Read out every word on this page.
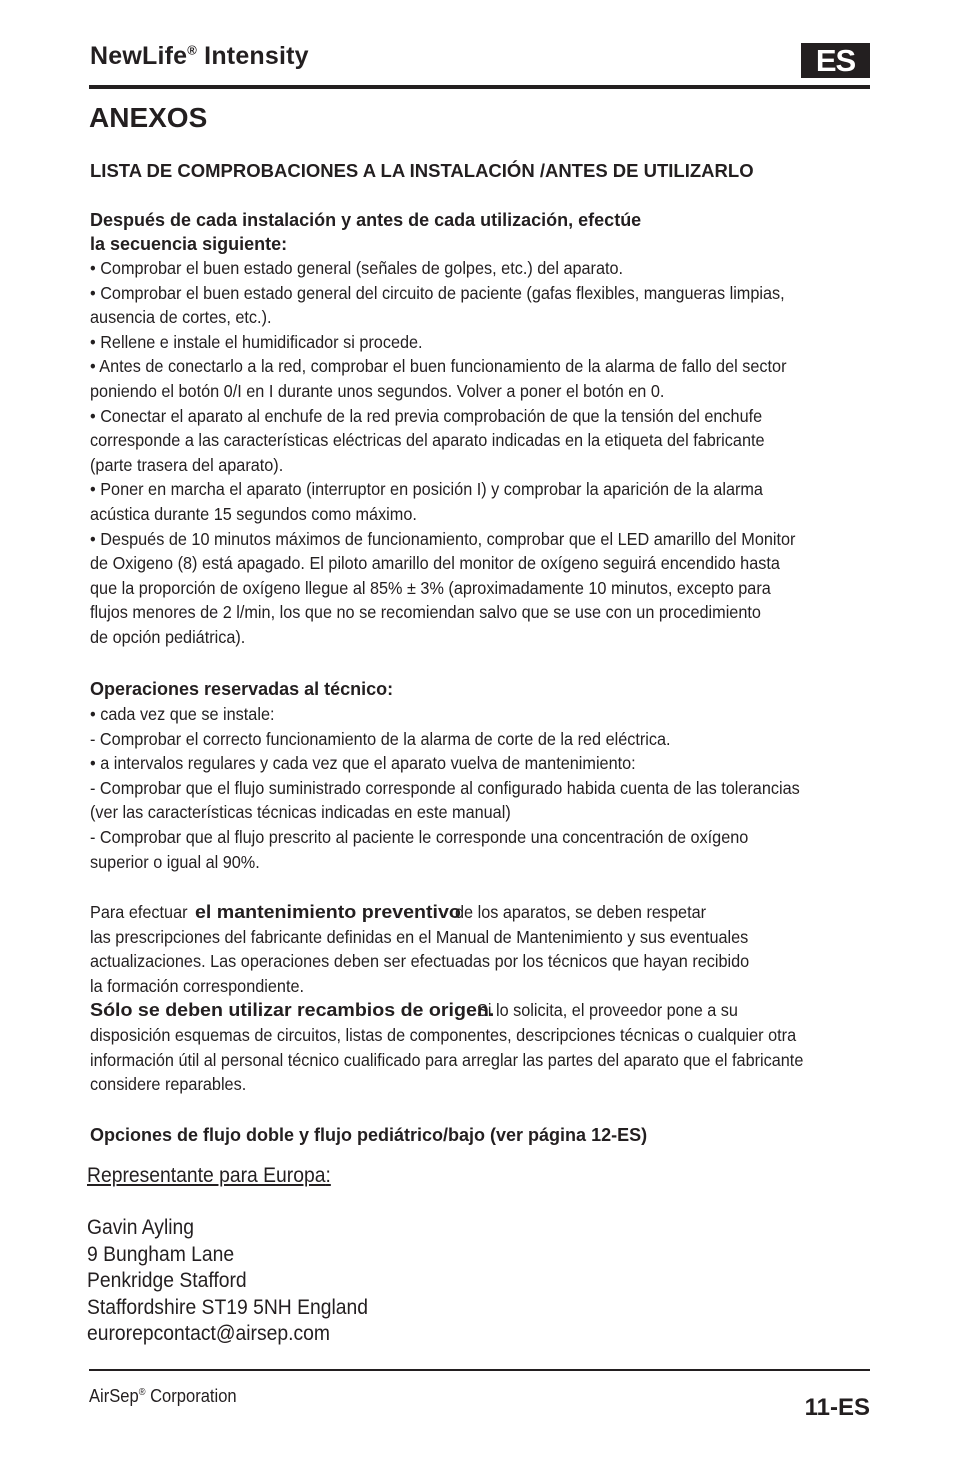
NewLife® Intensity	ES
ANEXOS
LISTA DE COMPROBACIONES A LA INSTALACIÓN /ANTES DE UTILIZARLO
Después de cada instalación y antes de cada utilización, efectúe
la secuencia siguiente:
• Comprobar el buen estado general (señales de golpes, etc.) del aparato.
• Comprobar el buen estado general del circuito de paciente (gafas flexibles, mangueras limpias,
ausencia de cortes, etc.).
• Rellene e instale el humidificador si procede.
• Antes de conectarlo a la red, comprobar el buen funcionamiento de la alarma de fallo del sector
poniendo el botón 0/I en I durante unos segundos. Volver a poner el botón en 0.
• Conectar el aparato al enchufe de la red previa comprobación de que la tensión del enchufe
corresponde a las características eléctricas del aparato indicadas en la etiqueta del fabricante
(parte trasera del aparato).
• Poner en marcha el aparato (interruptor en posición I) y comprobar la aparición de la alarma
acústica durante 15 segundos como máximo.
• Después de 10 minutos máximos de funcionamiento, comprobar que el LED amarillo del Monitor
de Oxigeno (8) está apagado. El piloto amarillo del monitor de oxígeno seguirá encendido hasta
que la proporción de oxígeno llegue al 85% ± 3% (aproximadamente 10 minutos, excepto para
flujos menores de 2 l/min, los que no se recomiendan salvo que se use con un procedimiento
de opción pediátrica).
Operaciones reservadas al técnico:
• cada vez que se instale:
- Comprobar el correcto funcionamiento de la alarma de corte de la red eléctrica.
• a intervalos regulares y cada vez que el aparato vuelva de mantenimiento:
- Comprobar que el flujo suministrado corresponde al configurado habida cuenta de las tolerancias
(ver las características técnicas indicadas en este manual)
- Comprobar que al flujo prescrito al paciente le corresponde una concentración de oxígeno
superior o igual al 90%.
Para efectuar el mantenimiento preventivode los aparatos, se deben respetar
las prescripciones del fabricante definidas en el Manual de Mantenimiento y sus eventuales
actualizaciones. Las operaciones deben ser efectuadas por los técnicos que hayan recibido
la formación correspondiente.
Sólo se deben utilizar recambios de origen.Si lo solicita, el proveedor pone a su
disposición esquemas de circuitos, listas de componentes, descripciones técnicas o cualquier otra
información útil al personal técnico cualificado para arreglar las partes del aparato que el fabricante
considere reparables.
Opciones de flujo doble y flujo pediátrico/bajo (ver página 12-ES)
Representante para Europa:
Gavin Ayling
9 Bungham Lane
Penkridge Stafford
Staffordshire ST19 5NH England
eurorepcontact@airsep.com
AirSep® Corporation	11-ES
